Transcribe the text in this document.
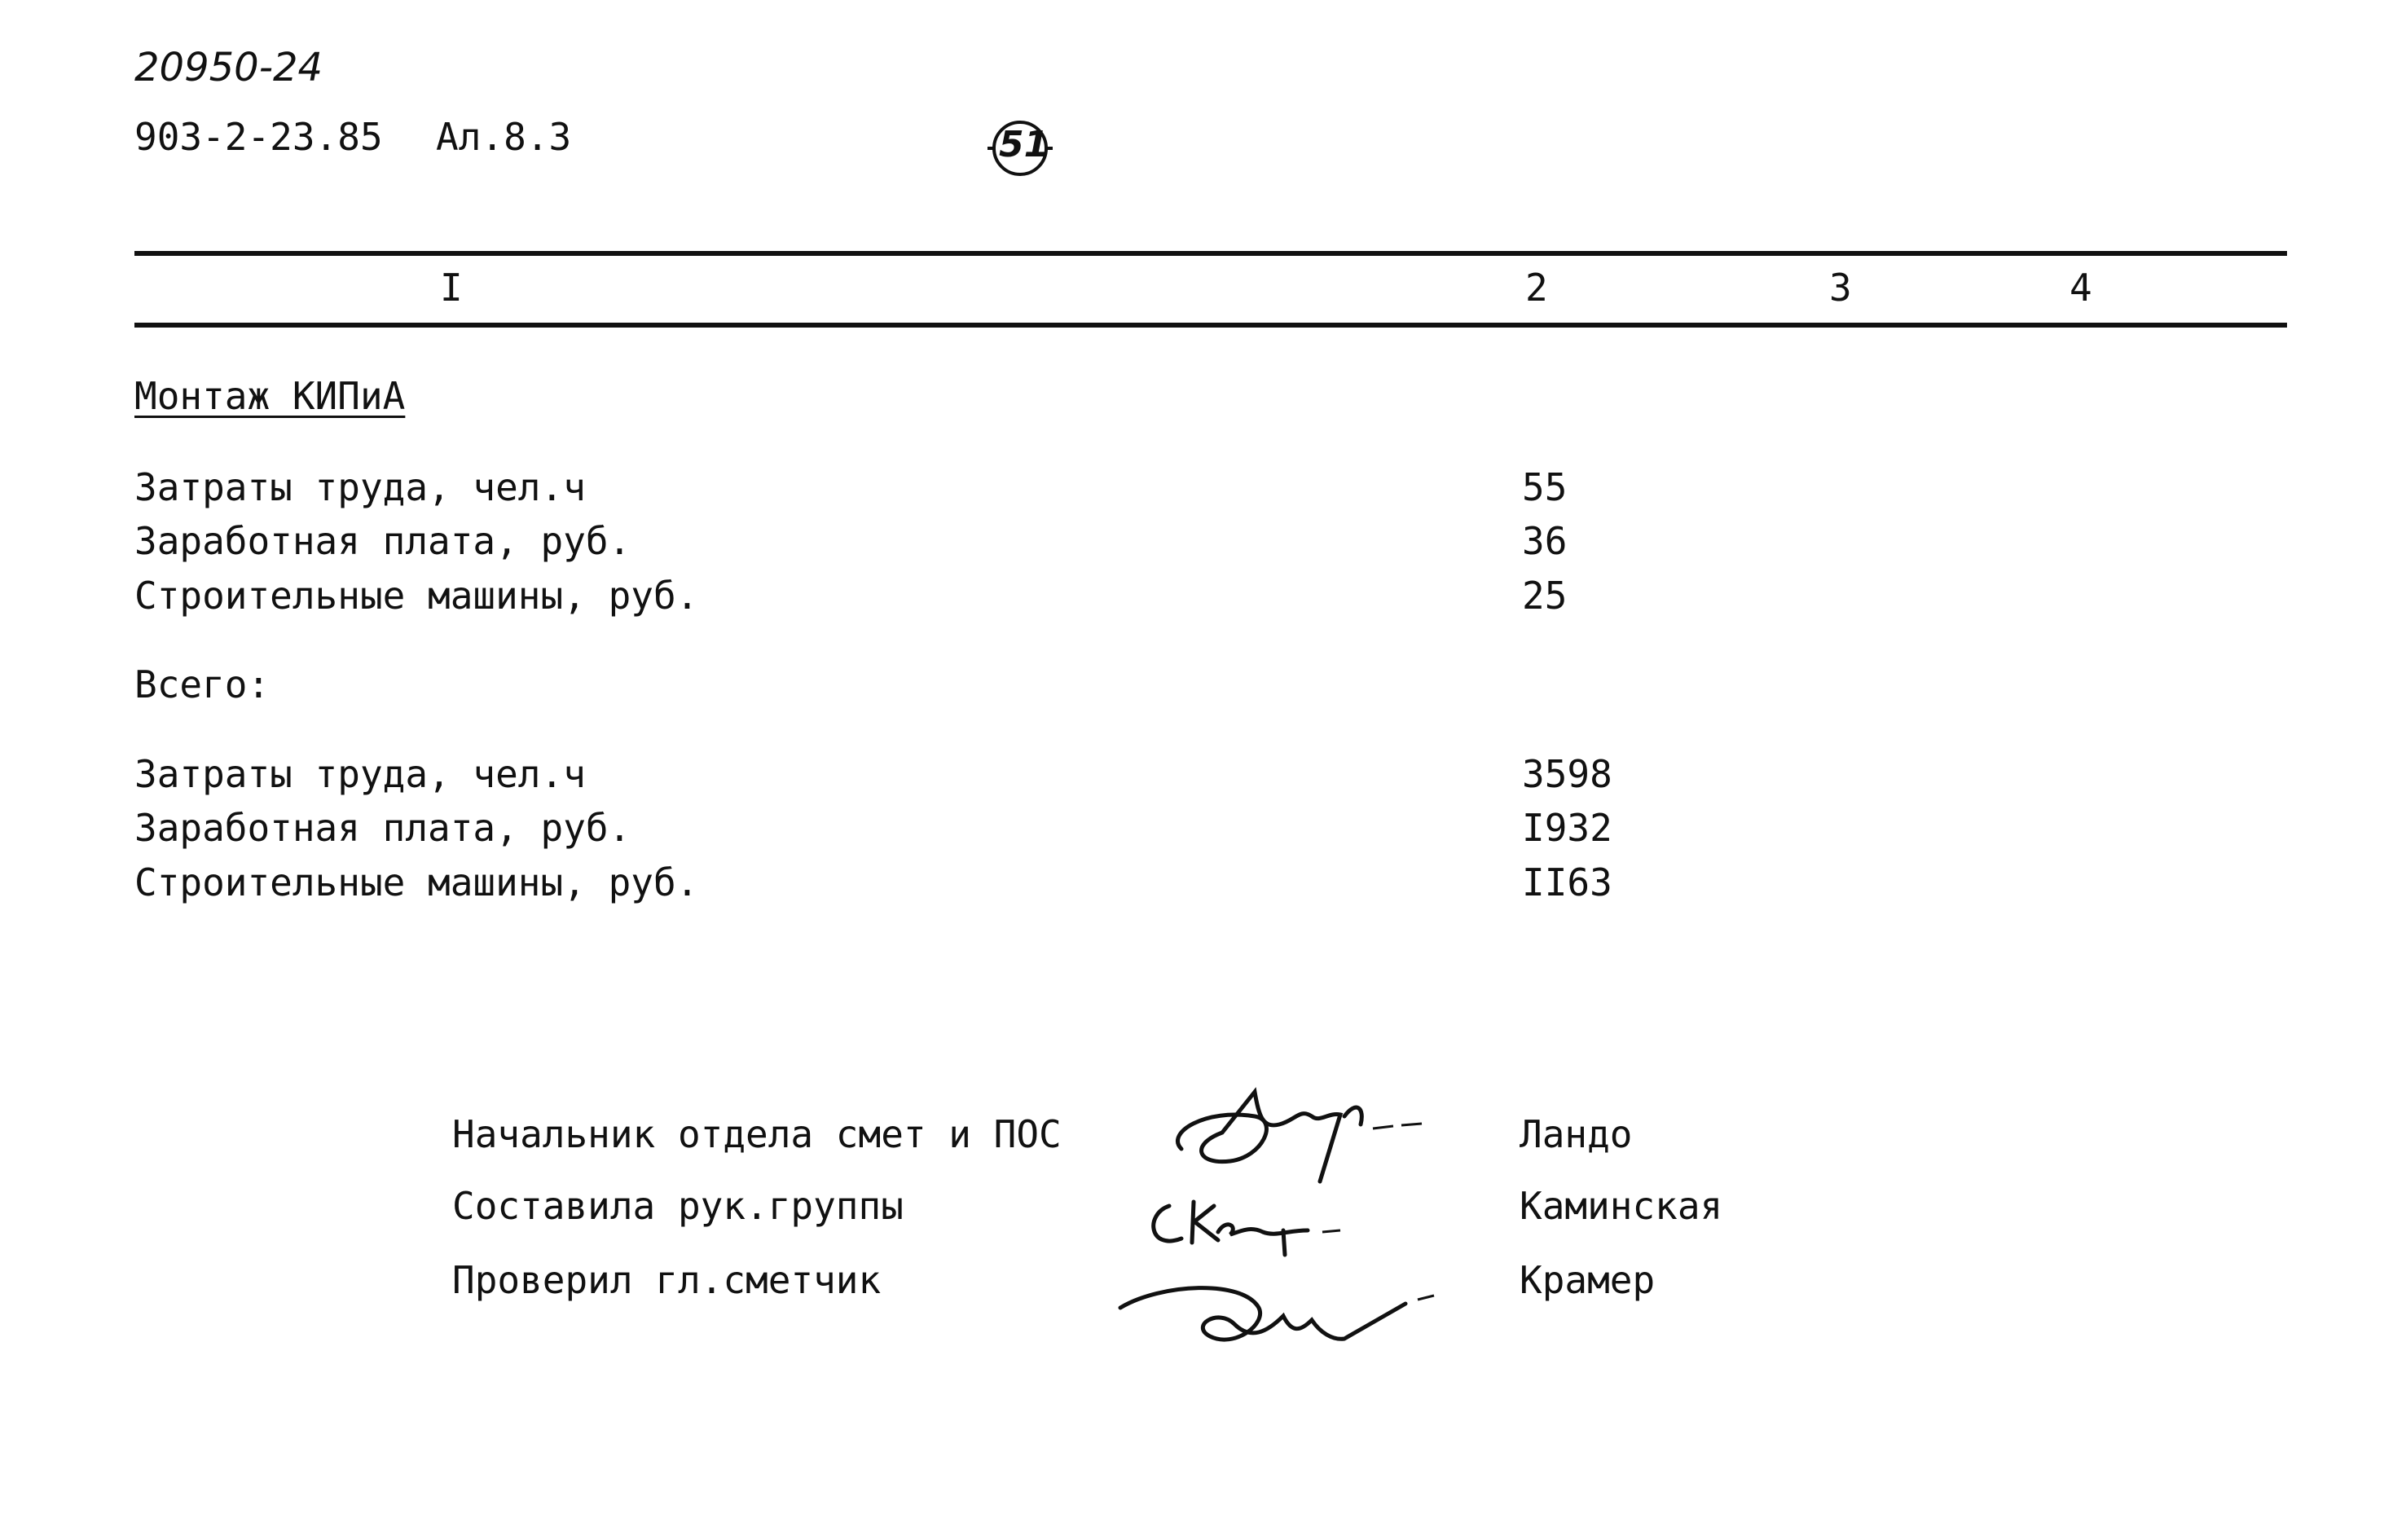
20950-24
903-2-23.85 Ал.8.3	51
I	2	3	4
Монтаж КИПиА
Затраты труда, чел.ч	55
Заработная плата, руб.	36
Строительные машины, руб.	25
Всего:
Затраты труда, чел.ч	3598
Заработная плата, руб.	I932
Строительные машины, руб.	II63
Начальник отдела смет и ПОС	Ландо
Составила рук.группы	Каминская
Проверил гл.сметчик	Крамер
